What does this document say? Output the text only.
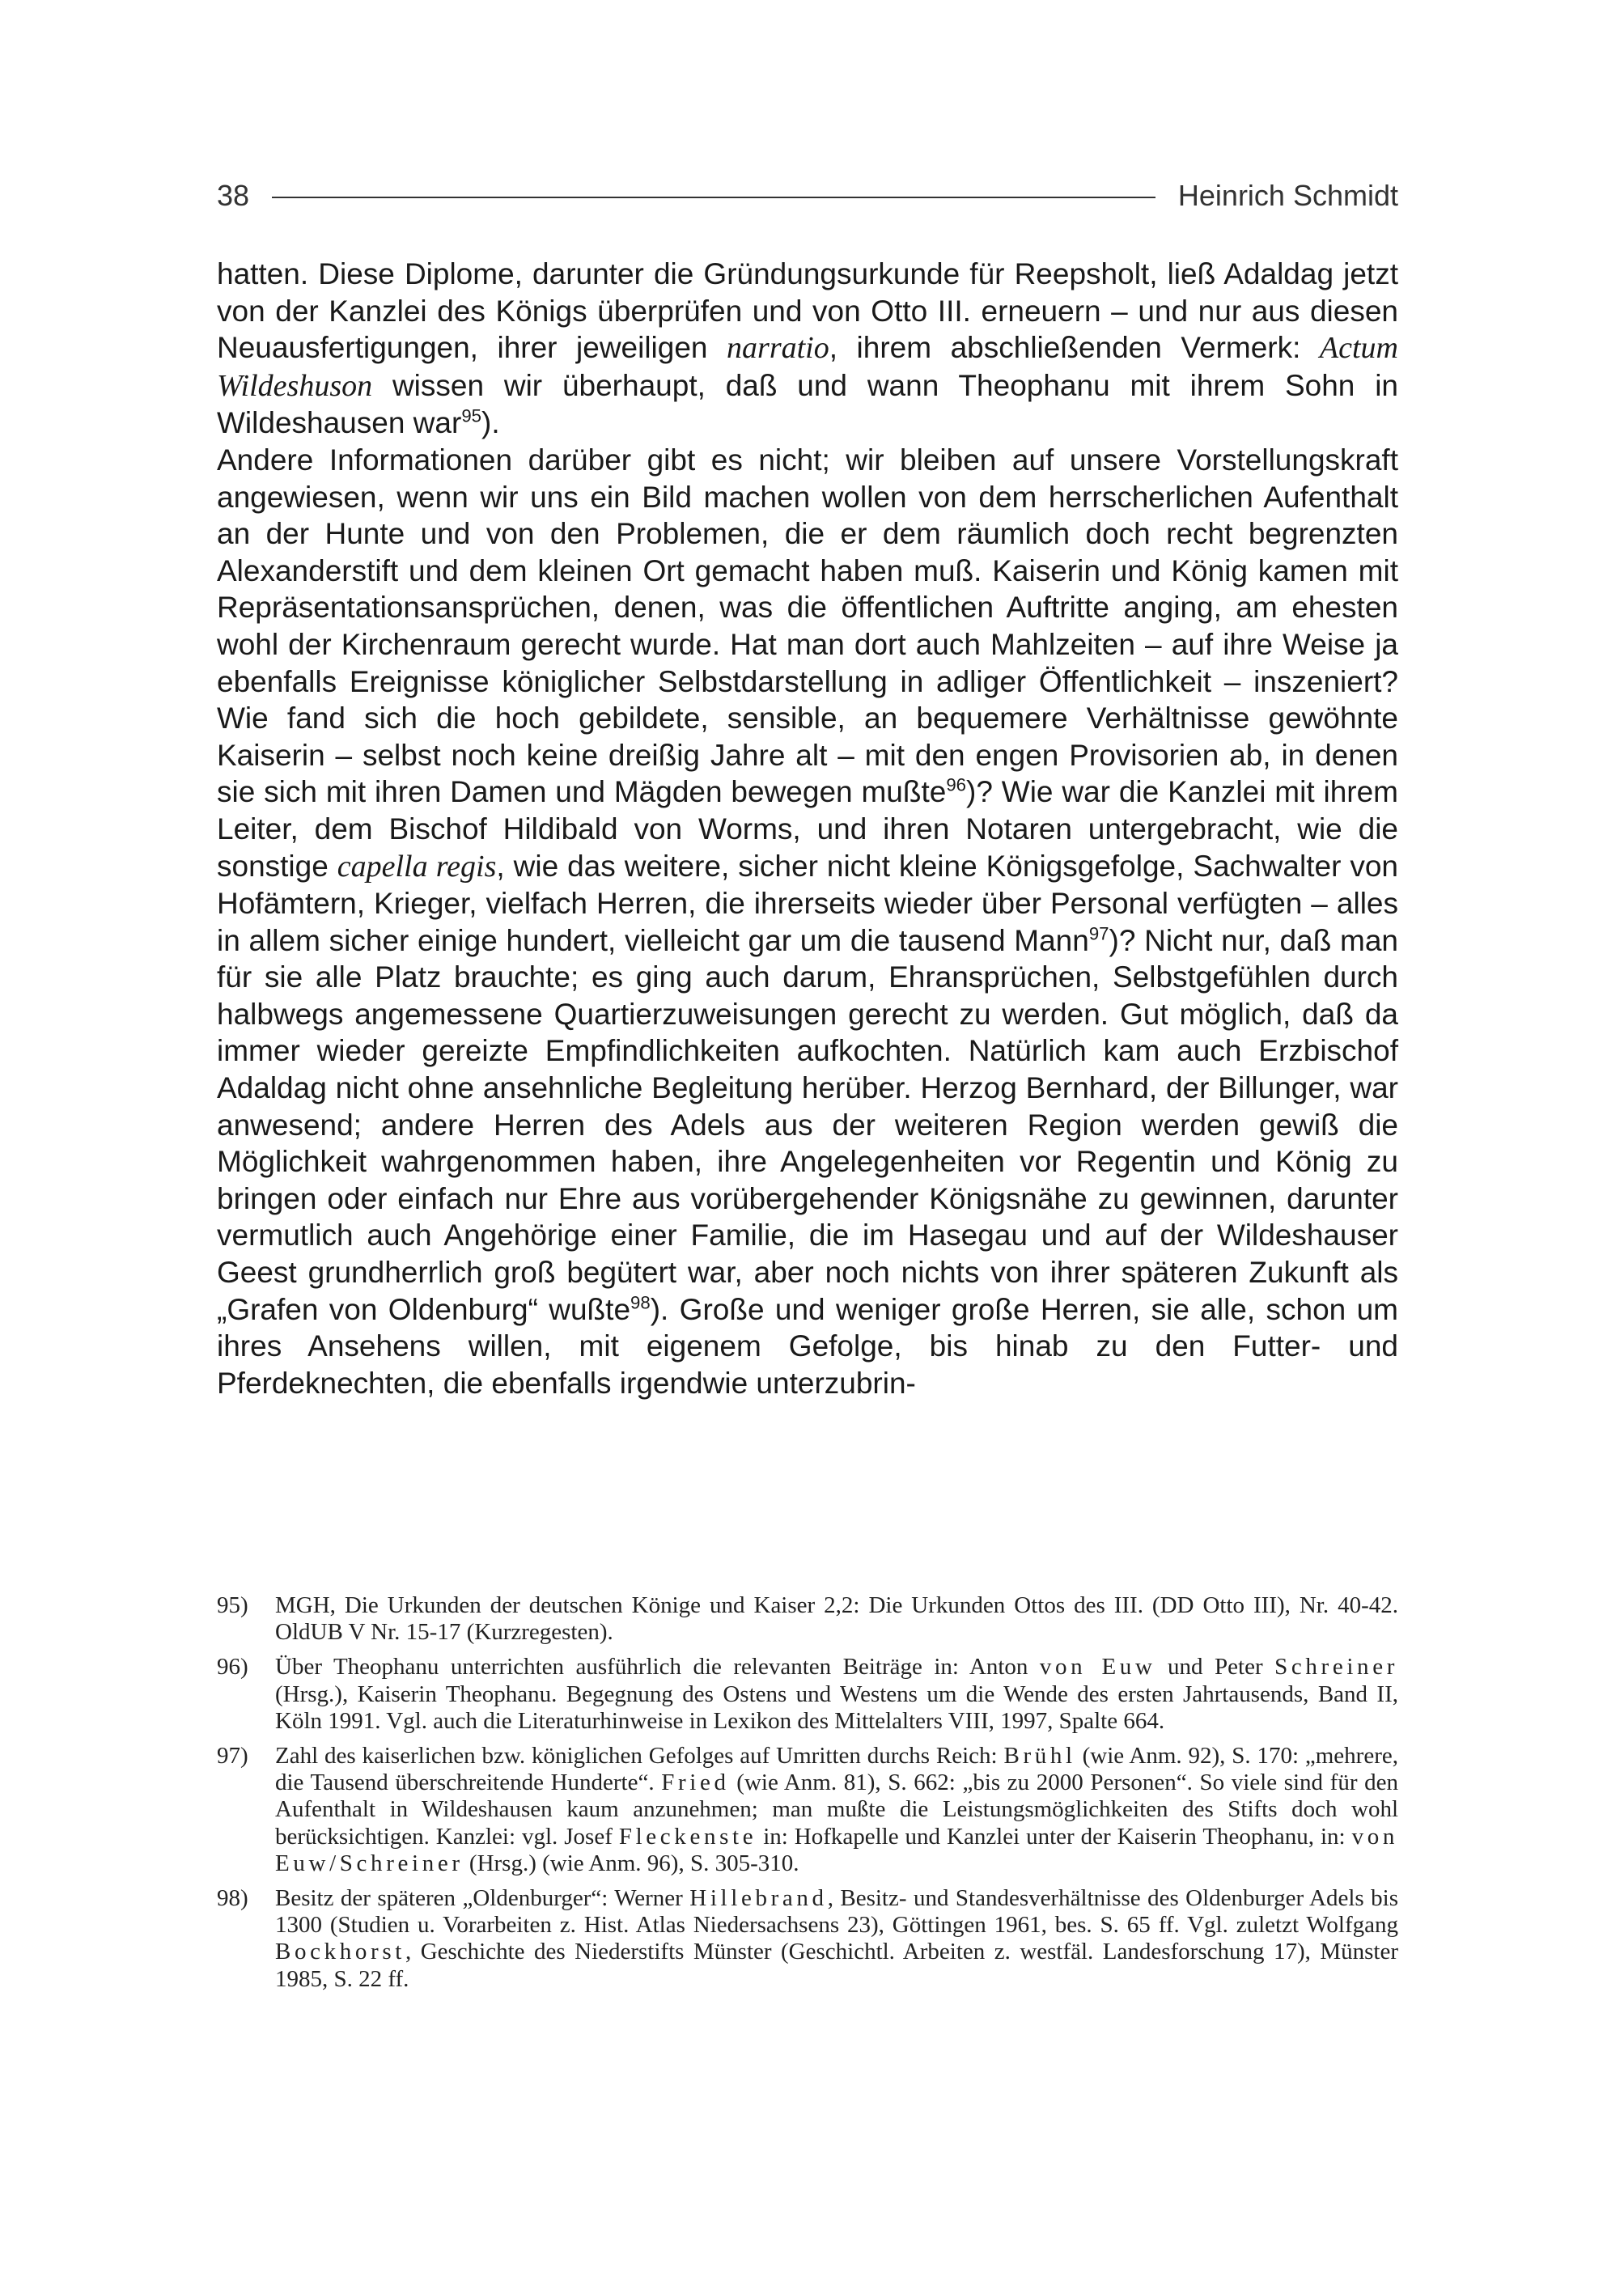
38	Heinrich Schmidt

hatten. Diese Diplome, darunter die Gründungsurkunde für Reepsholt, ließ Adaldag jetzt von der Kanzlei des Königs überprüfen und von Otto III. erneuern – und nur aus diesen Neuausfertigungen, ihrer jeweiligen narratio, ihrem abschließenden Vermerk: Actum Wildeshuson wissen wir überhaupt, daß und wann Theophanu mit ihrem Sohn in Wildeshausen war$^{95}$).

Andere Informationen darüber gibt es nicht; wir bleiben auf unsere Vorstellungskraft angewiesen, wenn wir uns ein Bild machen wollen von dem herrscherlichen Aufenthalt an der Hunte und von den Problemen, die er dem räumlich doch recht begrenzten Alexanderstift und dem kleinen Ort gemacht haben muß. Kaiserin und König kamen mit Repräsentationsansprüchen, denen, was die öffentlichen Auftritte anging, am ehesten wohl der Kirchenraum gerecht wurde. Hat man dort auch Mahlzeiten – auf ihre Weise ja ebenfalls Ereignisse königlicher Selbstdarstellung in adliger Öffentlichkeit – inszeniert? Wie fand sich die hoch gebildete, sensible, an bequemere Verhältnisse gewöhnte Kaiserin – selbst noch keine dreißig Jahre alt – mit den engen Provisorien ab, in denen sie sich mit ihren Damen und Mägden bewegen mußte$^{96}$)? Wie war die Kanzlei mit ihrem Leiter, dem Bischof Hildibald von Worms, und ihren Notaren untergebracht, wie die sonstige capella regis, wie das weitere, sicher nicht kleine Königsgefolge, Sachwalter von Hofämtern, Krieger, vielfach Herren, die ihrerseits wieder über Personal verfügten – alles in allem sicher einige hundert, vielleicht gar um die tausend Mann$^{97}$)? Nicht nur, daß man für sie alle Platz brauchte; es ging auch darum, Ehransprüchen, Selbstgefühlen durch halbwegs angemessene Quartierzuweisungen gerecht zu werden. Gut möglich, daß da immer wieder gereizte Empfindlichkeiten aufkochten. Natürlich kam auch Erzbischof Adaldag nicht ohne ansehnliche Begleitung herüber. Herzog Bernhard, der Billunger, war anwesend; andere Herren des Adels aus der weiteren Region werden gewiß die Möglichkeit wahrgenommen haben, ihre Angelegenheiten vor Regentin und König zu bringen oder einfach nur Ehre aus vorübergehender Königsnähe zu gewinnen, darunter vermutlich auch Angehörige einer Familie, die im Hasegau und auf der Wildeshauser Geest grundherrlich groß begütert war, aber noch nichts von ihrer späteren Zukunft als „Grafen von Oldenburg“ wußte$^{98}$). Große und weniger große Herren, sie alle, schon um ihres Ansehens willen, mit eigenem Gefolge, bis hinab zu den Futter- und Pferdeknechten, die ebenfalls irgendwie unterzubrin-

95)	MGH, Die Urkunden der deutschen Könige und Kaiser 2,2: Die Urkunden Ottos des III. (DD Otto III), Nr. 40-42. OldUB V Nr. 15-17 (Kurzregesten).
96)	Über Theophanu unterrichten ausführlich die relevanten Beiträge in: Anton von Euw und Peter Schreiner (Hrsg.), Kaiserin Theophanu. Begegnung des Ostens und Westens um die Wende des ersten Jahrtausends, Band II, Köln 1991. Vgl. auch die Literaturhinweise in Lexikon des Mittelalters VIII, 1997, Spalte 664.
97)	Zahl des kaiserlichen bzw. königlichen Gefolges auf Umritten durchs Reich: Brühl (wie Anm. 92), S. 170: „mehrere, die Tausend überschreitende Hunderte“. Fried (wie Anm. 81), S. 662: „bis zu 2000 Personen“. So viele sind für den Aufenthalt in Wildeshausen kaum anzunehmen; man mußte die Leistungsmöglichkeiten des Stifts doch wohl berücksichtigen. Kanzlei: vgl. Josef Fleckenste in: Hofkapelle und Kanzlei unter der Kaiserin Theophanu, in: von Euw/Schreiner (Hrsg.) (wie Anm. 96), S. 305-310.
98)	Besitz der späteren „Oldenburger“: Werner Hillebrand, Besitz- und Standesverhältnisse des Oldenburger Adels bis 1300 (Studien u. Vorarbeiten z. Hist. Atlas Niedersachsens 23), Göttingen 1961, bes. S. 65 ff. Vgl. zuletzt Wolfgang Bockhorst, Geschichte des Niederstifts Münster (Geschichtl. Arbeiten z. westfäl. Landesforschung 17), Münster 1985, S. 22 ff.
